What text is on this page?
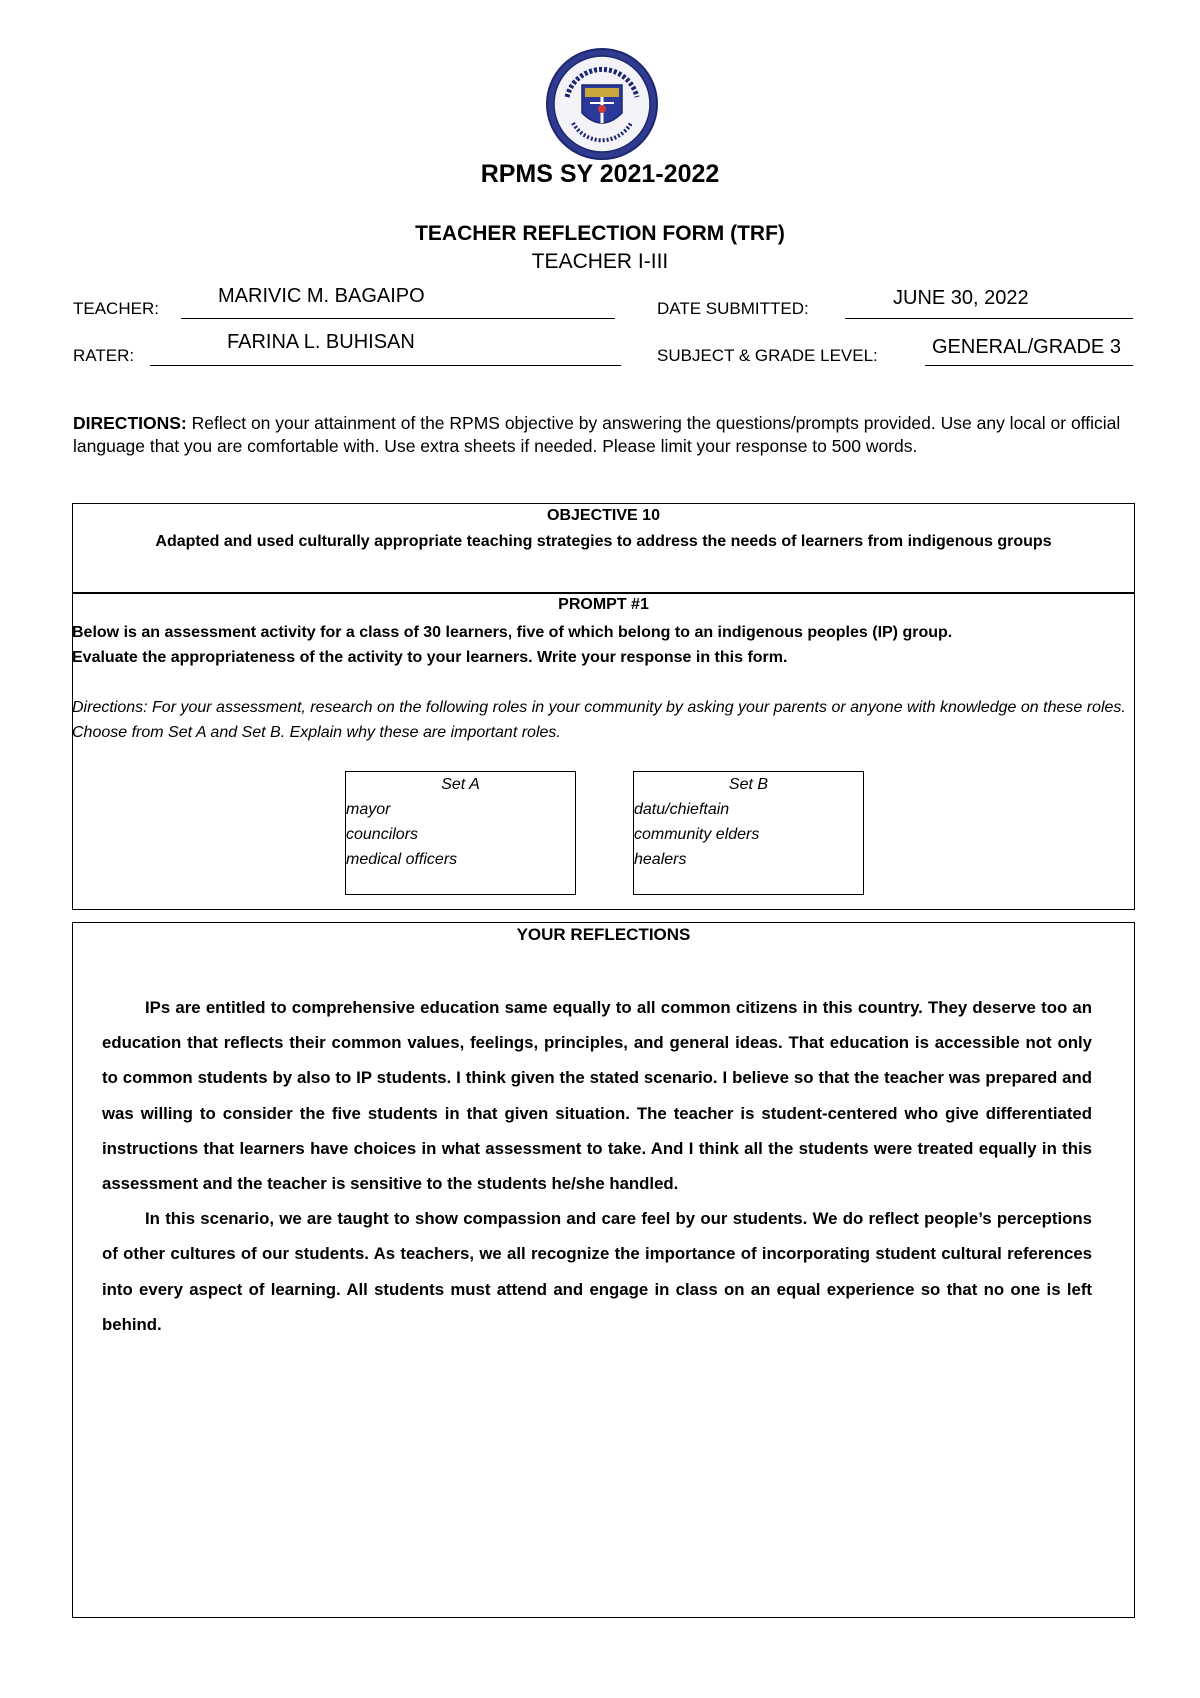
RPMS SY 2021-2022
TEACHER REFLECTION FORM (TRF)
TEACHER I-III
TEACHER:
MARIVIC M. BAGAIPO
DATE SUBMITTED:	JUNE 30, 2022
RATER:
FARINA L. BUHISAN
SUBJECT & GRADE LEVEL:	GENERAL/GRADE 3
DIRECTIONS: Reflect on your attainment of the RPMS objective by answering the questions/prompts provided. Use any local or official language that you are comfortable with. Use extra sheets if needed. Please limit your response to 500 words.
OBJECTIVE 10
Adapted and used culturally appropriate teaching strategies to address the needs of learners from indigenous groups
PROMPT #1
Below is an assessment activity for a class of 30 learners, five of which belong to an indigenous peoples (IP) group.
Evaluate the appropriateness of the activity to your learners. Write your response in this form.
Directions: For your assessment, research on the following roles in your community by asking your parents or anyone with knowledge on these roles. Choose from Set A and Set B. Explain why these are important roles.
Set A
mayor
councilors
medical officers
Set B
datu/chieftain
community elders
healers
YOUR REFLECTIONS

IPs are entitled to comprehensive education same equally to all common citizens in this country. They deserve too an education that reflects their common values, feelings, principles, and general ideas. That education is accessible not only to common students by also to IP students. I think given the stated scenario. I believe so that the teacher was prepared and was willing to consider the five students in that given situation. The teacher is student-centered who give differentiated instructions that learners have choices in what assessment to take. And I think all the students were treated equally in this assessment and the teacher is sensitive to the students he/she handled.

In this scenario, we are taught to show compassion and care feel by our students. We do reflect people’s perceptions of other cultures of our students. As teachers, we all recognize the importance of incorporating student cultural references into every aspect of learning. All students must attend and engage in class on an equal experience so that no one is left behind.
